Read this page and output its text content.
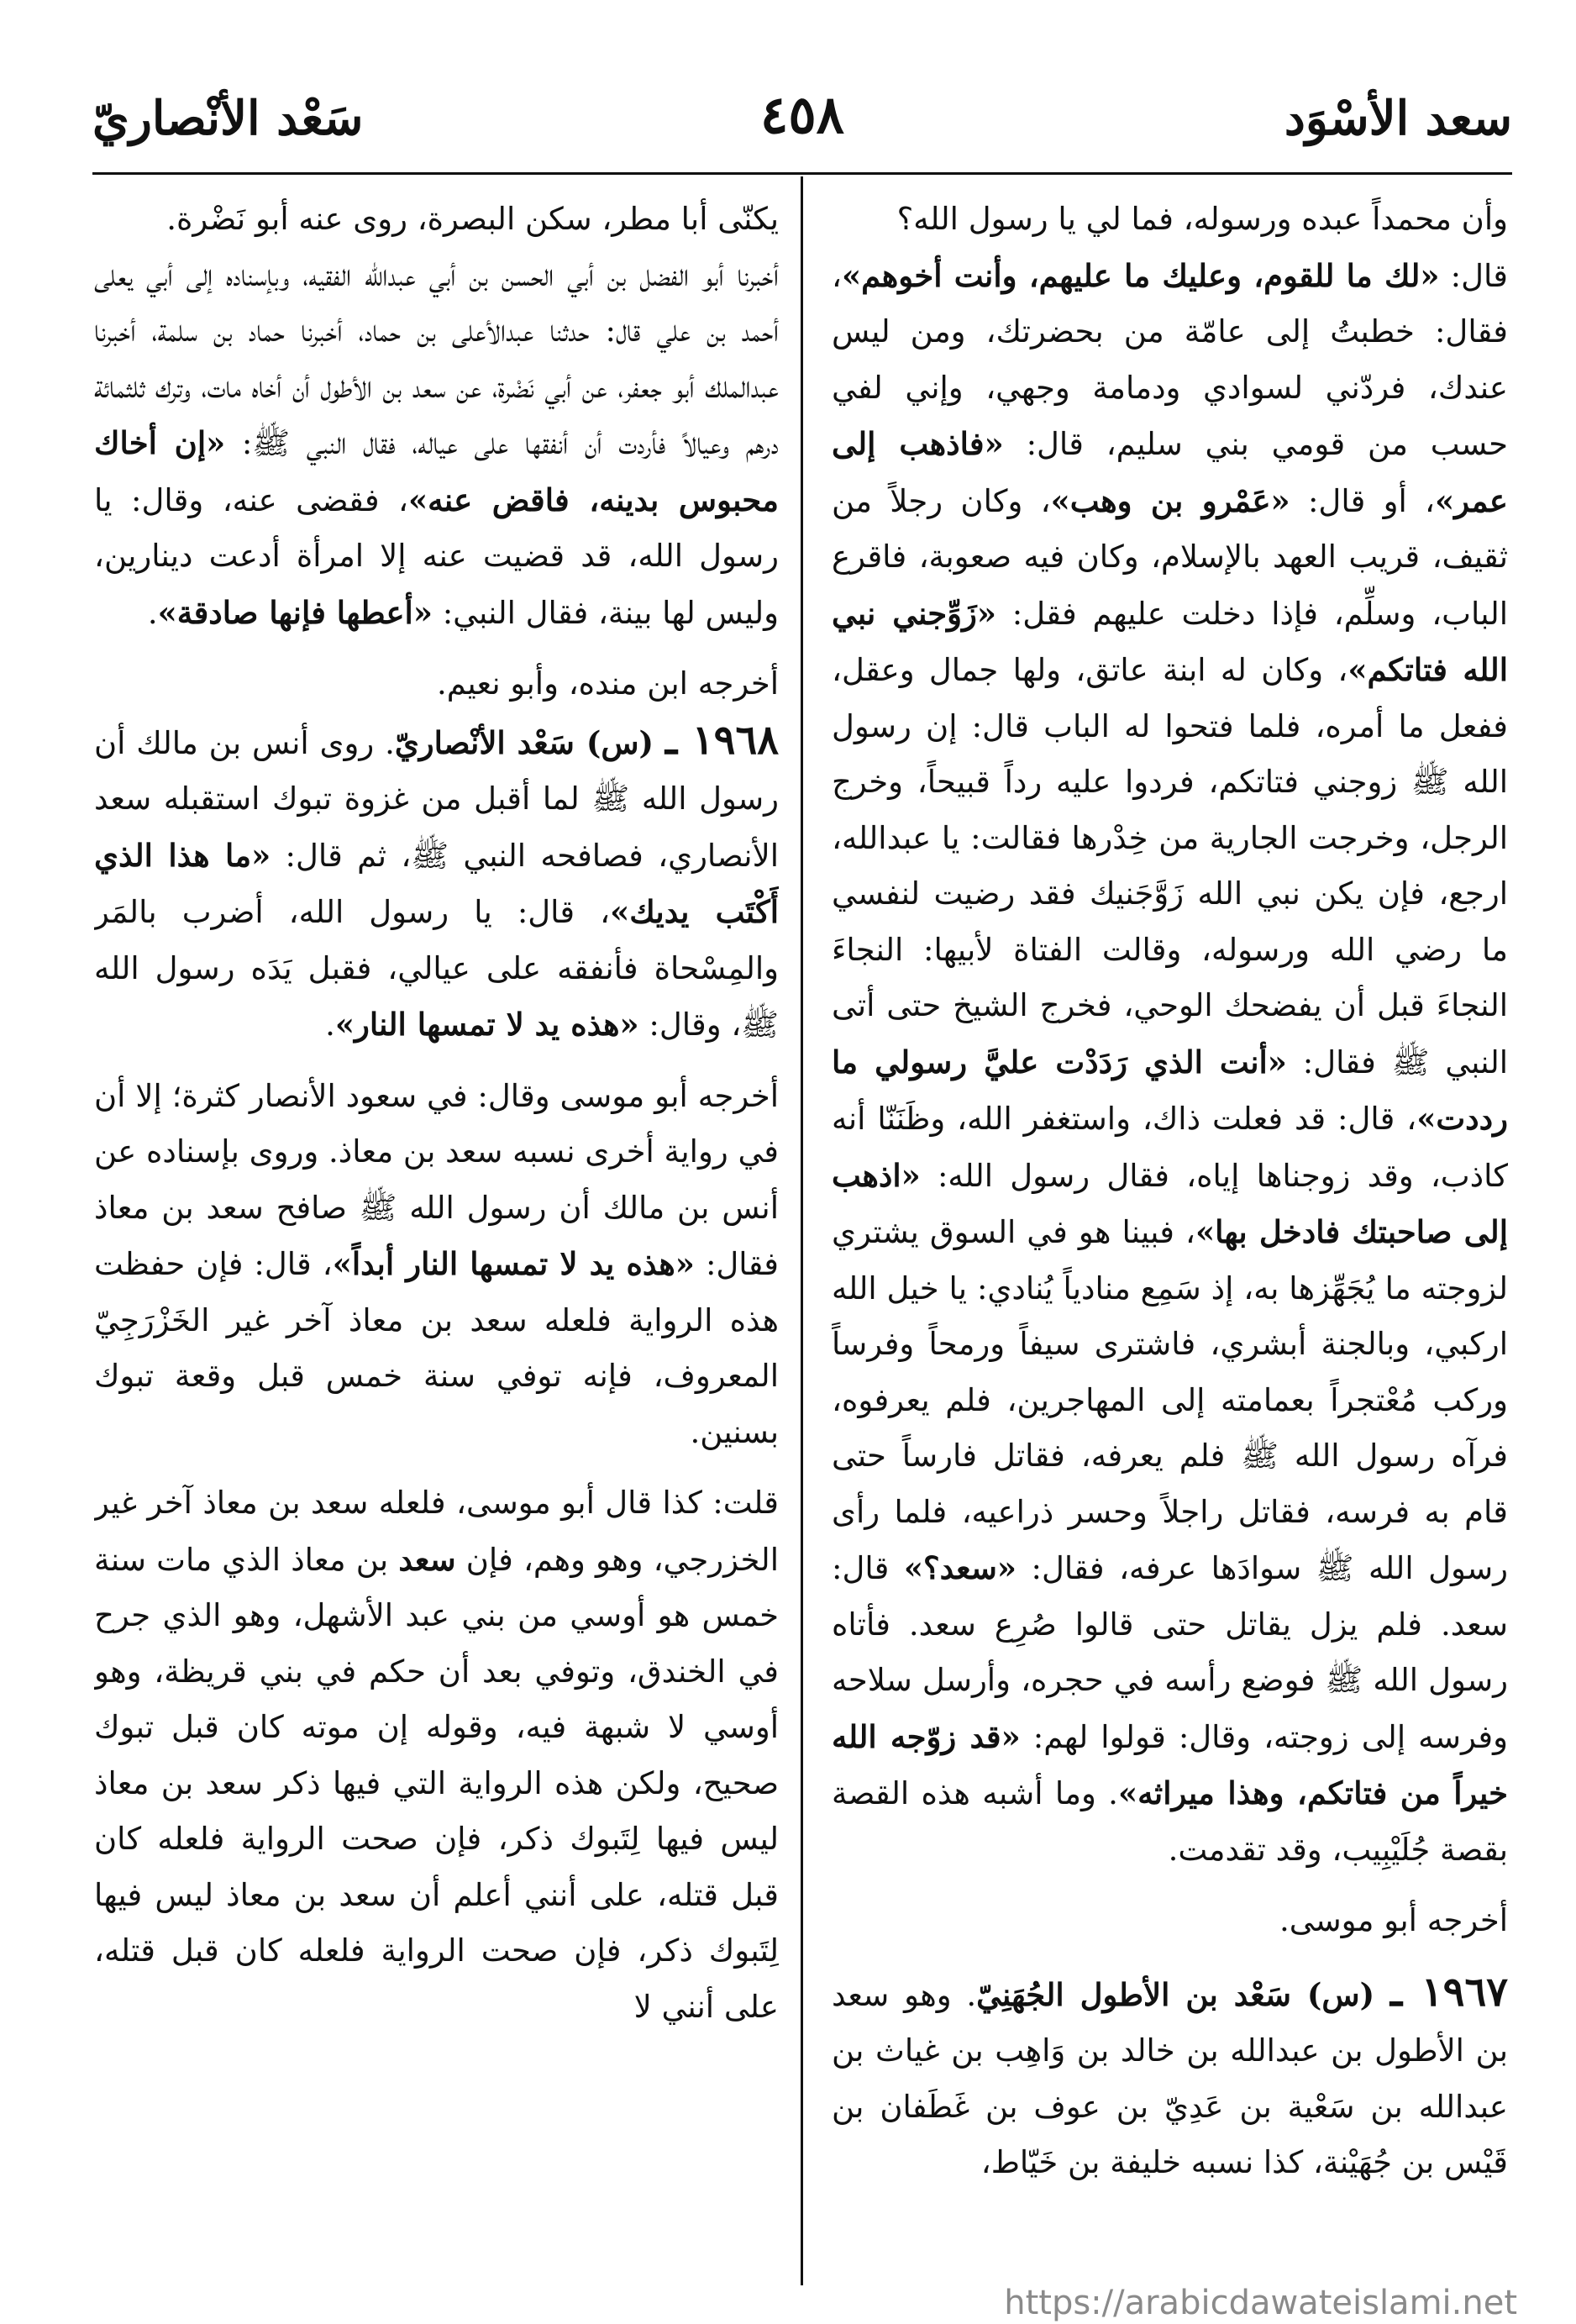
سعد الأسْوَد
٤٥٨
سَعْد الأنْصاريّ

وأن محمداً عبده ورسوله، فما لي يا رسول الله؟

قال: «لك ما للقوم، وعليك ما عليهم، وأنت أخوهم»، فقال: خطبتُ إلى عامّة من بحضرتك، ومن ليس عندك، فردّني لسوادي ودمامة وجهي، وإني لفي حسب من قومي بني سليم، قال: «فاذهب إلى عمر»، أو قال: «عَمْرو بن وهب»، وكان رجلاً من ثقيف، قريب العهد بالإسلام، وكان فيه صعوبة، فاقرع الباب، وسلِّم، فإذا دخلت عليهم فقل: «زَوِّجني نبي الله فتاتكم»، وكان له ابنة عاتق، ولها جمال وعقل، ففعل ما أمره، فلما فتحوا له الباب قال: إن رسول الله ﷺ زوجني فتاتكم، فردوا عليه رداً قبيحاً، وخرج الرجل، وخرجت الجارية من خِدْرها فقالت: يا عبدالله، ارجع، فإن يكن نبي الله زَوَّجَنيك فقد رضيت لنفسي ما رضي الله ورسوله، وقالت الفتاة لأبيها: النجاءَ النجاءَ قبل أن يفضحك الوحي، فخرج الشيخ حتى أتى النبي ﷺ فقال: «أنت الذي رَدَدْت عليَّ رسولي ما رددت»، قال: قد فعلت ذاك، واستغفر الله، وظَنَنّا أنه كاذب، وقد زوجناها إياه، فقال رسول الله: «اذهب إلى صاحبتك فادخل بها»، فبينا هو في السوق يشتري لزوجته ما يُجَهِّزها به، إذ سَمِع منادياً يُنادي: يا خيل الله اركبي، وبالجنة أبشري، فاشترى سيفاً ورمحاً وفرساً وركب مُعْتجراً بعمامته إلى المهاجرين، فلم يعرفوه، فرآه رسول الله ﷺ فلم يعرفه، فقاتل فارساً حتى قام به فرسه، فقاتل راجلاً وحسر ذراعيه، فلما رأى رسول الله ﷺ سوادَها عرفه، فقال: «سعد؟» قال: سعد. فلم يزل يقاتل حتى قالوا صُرِع سعد. فأتاه رسول الله ﷺ فوضع رأسه في حجره، وأرسل سلاحه وفرسه إلى زوجته، وقال: قولوا لهم: «قد زوّجه الله خيراً من فتاتكم، وهذا ميراثه». وما أشبه هذه القصة بقصة جُلَيْبِيب، وقد تقدمت.

أخرجه أبو موسى.

١٩٦٧ ـ (س) سَعْد بن الأطول الجُهَنِيّ. وهو سعد بن الأطول بن عبدالله بن خالد بن وَاهِب بن غياث بن عبدالله بن سَعْية بن عَدِيّ بن عوف بن غَطَفان بن قَيْس بن جُهَيْنة، كذا نسبه خليفة بن خَيّاط،

يكنّى أبا مطر، سكن البصرة، روى عنه أبو نَضْرة.

أخبرنا أبو الفضل بن أبي الحسن بن أبي عبدالله الفقيه، وبإسناده إلى أبي يعلى أحمد بن علي قال: حدثنا عبدالأعلى بن حماد، أخبرنا حماد بن سلمة، أخبرنا عبدالملك أبو جعفر، عن أبي نَضْرة، عن سعد بن الأطول أن أخاه مات، وترك ثلثمائة درهم وعيالاً فأردت أن أنفقها على عياله، فقال النبي ﷺ: «إن أخاك محبوس بدينه، فاقض عنه»، فقضى عنه، وقال: يا رسول الله، قد قضيت عنه إلا امرأة أدعت دينارين، وليس لها بينة، فقال النبي: «أعطها فإنها صادقة».

أخرجه ابن منده، وأبو نعيم.

١٩٦٨ ـ (س) سَعْد الأنْصاريّ. روى أنس بن مالك أن رسول الله ﷺ لما أقبل من غزوة تبوك استقبله سعد الأنصاري، فصافحه النبي ﷺ، ثم قال: «ما هذا الذي أَكْتَب يديك»، قال: يا رسول الله، أضرب بالمَر والمِسْحاة فأنفقه على عيالي، فقبل يَدَه رسول الله ﷺ، وقال: «هذه يد لا تمسها النار».

أخرجه أبو موسى وقال: في سعود الأنصار كثرة؛ إلا أن في رواية أخرى نسبه سعد بن معاذ. وروى بإسناده عن أنس بن مالك أن رسول الله ﷺ صافح سعد بن معاذ فقال: «هذه يد لا تمسها النار أبداً»، قال: فإن حفظت هذه الرواية فلعله سعد بن معاذ آخر غير الخَزْرَجِيّ المعروف، فإنه توفي سنة خمس قبل وقعة تبوك بسنين.

قلت: كذا قال أبو موسى، فلعله سعد بن معاذ آخر غير الخزرجي، وهو وهم، فإن سعد بن معاذ الذي مات سنة خمس هو أوسي من بني عبد الأشهل، وهو الذي جرح في الخندق، وتوفي بعد أن حكم في بني قريظة، وهو أوسي لا شبهة فيه، وقوله إن موته كان قبل تبوك صحيح، ولكن هذه الرواية التي فيها ذكر سعد بن معاذ ليس فيها لِتَبوك ذكر، فإن صحت الرواية فلعله كان قبل قتله، على أنني أعلم أن سعد بن معاذ ليس فيها لِتَبوك ذكر، فإن صحت الرواية فلعله كان قبل قتله، على أنني لا

https://arabicdawateislami.net
